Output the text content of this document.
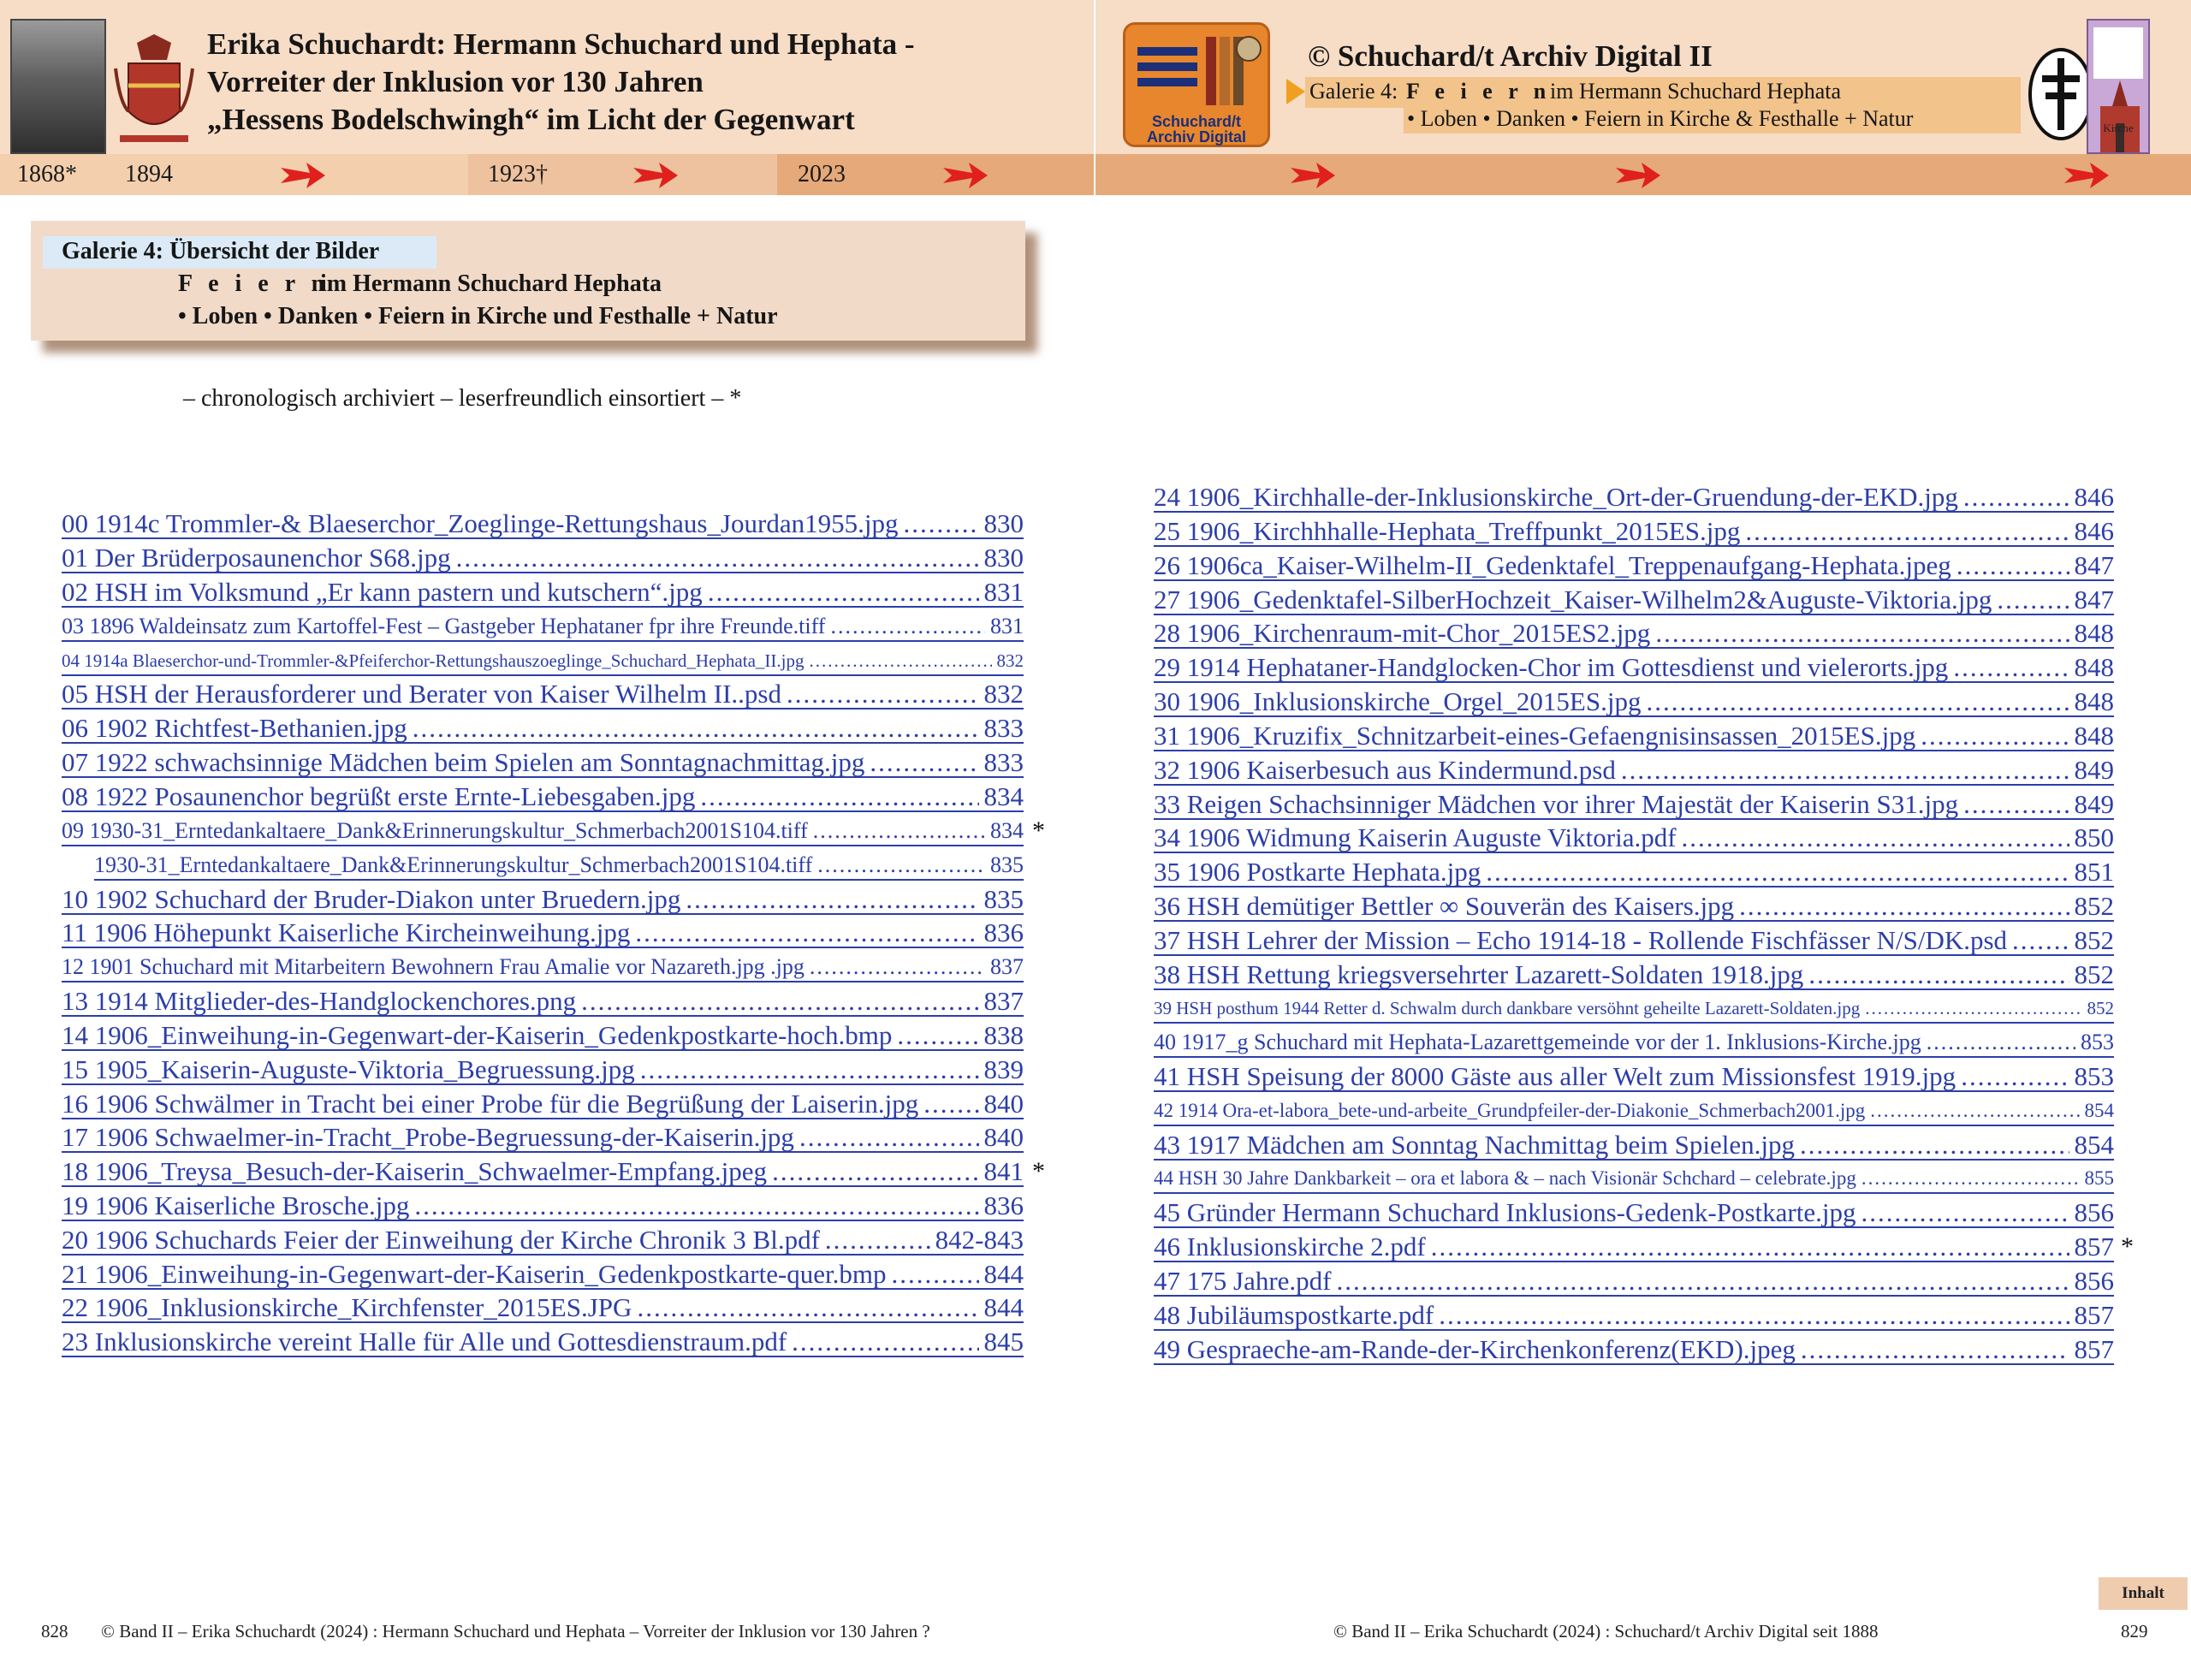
Erika Schuchardt: Hermann Schuchard und Hephata -
Vorreiter der Inklusion vor 130 Jahren
„Hessens Bodelschwingh“ im Licht der Gegenwart
1868* 1894	1923†	2023
Schuchard/t
Archiv Digital
© Schuchard/t Archiv Digital II
Galerie 4: F e i e r n
im Hermann Schuchard Hephata
• Loben • Danken • Feiern in Kirche & Festhalle + Natur	Kirche
Galerie 4: Übersicht der Bilder
F e i e r n
im Hermann Schuchard Hephata
• Loben • Danken • Feiern in Kirche und Festhalle + Natur
– chronologisch archiviert – leserfreundlich einsortiert – *
00 1914c Trommler-& Blaeserchor_Zoeglinge-Rettungshaus_Jourdan1955.jpg .....	830
01 Der Brüderposaunenchor S68.jpg .....	830
02 HSH im Volksmund „Er kann pastern und kutschern“.jpg .....	831
03 1896 Waldeinsatz zum Kartoffel-Fest – Gastgeber Hephataner fpr ihre Freunde.tiff .....	831
04 1914a Blaeserchor-und-Trommler-&Pfeiferchor-Rettungshauszoeglinge_Schuchard_Hephata_II.jpg .....	832
05 HSH der Herausforderer und Berater von Kaiser Wilhelm II..psd .....	832
06 1902 Richtfest-Bethanien.jpg .....	833
07 1922 schwachsinnige Mädchen beim Spielen am Sonntagnachmittag.jpg .....	833
08 1922 Posaunenchor begrüßt erste Ernte-Liebesgaben.jpg .....	834
09 1930-31_Erntedankaltaere_Dank&Erinnerungskultur_Schmerbach2001S104.tiff .....	834
1930-31_Erntedankaltaere_Dank&Erinnerungskultur_Schmerbach2001S104.tiff .....	835
10 1902 Schuchard der Bruder-Diakon unter Bruedern.jpg .....	835
11 1906 Höhepunkt Kaiserliche Kircheinweihung.jpg .....	836
12 1901 Schuchard mit Mitarbeitern Bewohnern Frau Amalie vor Nazareth.jpg .jpg .....	837
13 1914 Mitglieder-des-Handglockenchores.png .....	837
14 1906_Einweihung-in-Gegenwart-der-Kaiserin_Gedenkpostkarte-hoch.bmp .....	838
15 1905_Kaiserin-Auguste-Viktoria_Begruessung.jpg .....	839
16 1906 Schwälmer in Tracht bei einer Probe für die Begrüßung der Laiserin.jpg ..... 840
17 1906 Schwaelmer-in-Tracht_Probe-Begruessung-der-Kaiserin.jpg .....	840
18 1906_Treysa_Besuch-der-Kaiserin_Schwaelmer-Empfang.jpeg .....	841
19 1906 Kaiserliche Brosche.jpg .....	836
20 1906 Schuchards Feier der Einweihung der Kirche Chronik 3 Bl.pdf .....	842-843
21 1906_Einweihung-in-Gegenwart-der-Kaiserin_Gedenkpostkarte-quer.bmp .....	844
22 1906_Inklusionskirche_Kirchfenster_2015ES.JPG .....	844
23 Inklusionskirche vereint Halle für Alle und Gottesdienstraum.pdf .....	845
*
*
24 1906_Kirchhalle-der-Inklusionskirche_Ort-der-Gruendung-der-EKD.jpg .....	846
25 1906_Kirchhhalle-Hephata_Treffpunkt_2015ES.jpg .....	846
26 1906ca_Kaiser-Wilhelm-II_Gedenktafel_Treppenaufgang-Hephata.jpeg .....	847
27 1906_Gedenktafel-SilberHochzeit_Kaiser-Wilhelm2&Auguste-Viktoria.jpg .....	847
28 1906_Kirchenraum-mit-Chor_2015ES2.jpg .....	848
29 1914 Hephataner-Handglocken-Chor im Gottesdienst und vielerorts.jpg .....	848
30 1906_Inklusionskirche_Orgel_2015ES.jpg .....	848
31 1906_Kruzifix_Schnitzarbeit-eines-Gefaengnisinsassen_2015ES.jpg .....	848
32 1906 Kaiserbesuch aus Kindermund.psd .....	849
33 Reigen Schachsinniger Mädchen vor ihrer Majestät der Kaiserin S31.jpg .....	849
34 1906 Widmung Kaiserin Auguste Viktoria.pdf .....	850
35 1906 Postkarte Hephata.jpg .....	851
36 HSH demütiger Bettler ∞ Souverän des Kaisers.jpg .....	852
37 HSH Lehrer der Mission – Echo 1914-18 - Rollende Fischfässer N/S/DK.psd .....	852
38 HSH Rettung kriegsversehrter Lazarett-Soldaten 1918.jpg .....	852
39 HSH posthum 1944 Retter d. Schwalm durch dankbare versöhnt geheilte Lazarett-Soldaten.jpg .....	852
40 1917_g Schuchard mit Hephata-Lazarettgemeinde vor der 1. Inklusions-Kirche.jpg .....	853
41 HSH Speisung der 8000 Gäste aus aller Welt zum Missionsfest 1919.jpg .....	853
42 1914 Ora-et-labora_bete-und-arbeite_Grundpfeiler-der-Diakonie_Schmerbach2001.jpg .....	854
43 1917 Mädchen am Sonntag Nachmittag beim Spielen.jpg .....	854
44 HSH 30 Jahre Dankbarkeit – ora et labora & – nach Visionär Schchard – celebrate.jpg .....	855
45 Gründer Hermann Schuchard Inklusions-Gedenk-Postkarte.jpg .....	856
46 Inklusionskirche 2.pdf .....	857
47 175 Jahre.pdf .....	856
48 Jubiläumspostkarte.pdf .....	857
49 Gespraeche-am-Rande-der-Kirchenkonferenz(EKD).jpeg .....	857
*
Inhalt
828 © Band II – Erika Schuchardt (2024) : Hermann Schuchard und Hephata – Vorreiter der Inklusion vor 130 Jahren ?	© Band II – Erika Schuchardt (2024) : Schuchard/t Archiv Digital seit 1888	829
